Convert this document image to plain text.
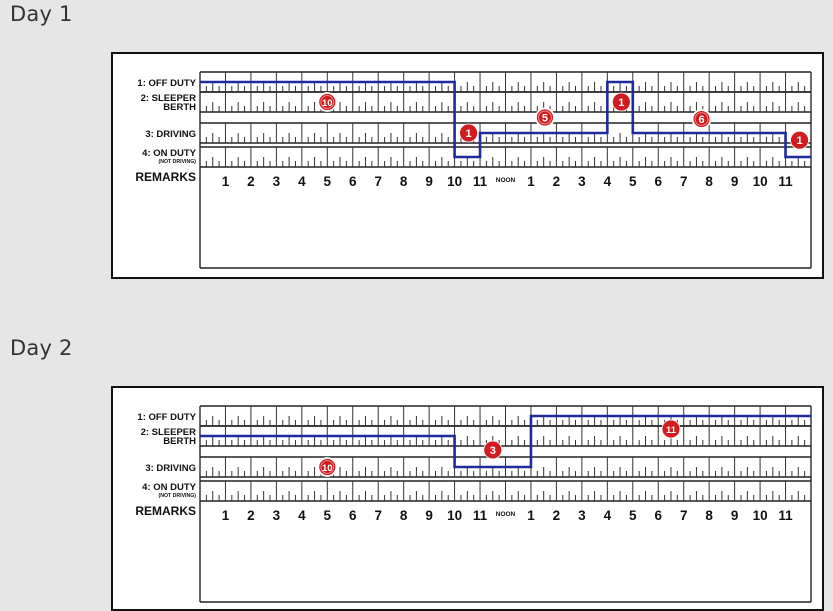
Day 1
1: OFF DUTY
2: SLEEPER
BERTH
3: DRIVING
4: ON DUTY
(NOT DRIVING)
REMARKS 1 2 3 4 5 6 7 8 9 10 11 NOON 1 2 3 4 5 6 7 8 9 10 11
10
1
5
1
6
1
Day 2
1: OFF DUTY
2: SLEEPER
BERTH
3: DRIVING
4: ON DUTY
(NOT DRIVING)
REMARKS 1 2 3 4 5 6 7 8 9 10 11 NOON 1 2 3 4 5 6 7 8 9 10 11
10
3
11
